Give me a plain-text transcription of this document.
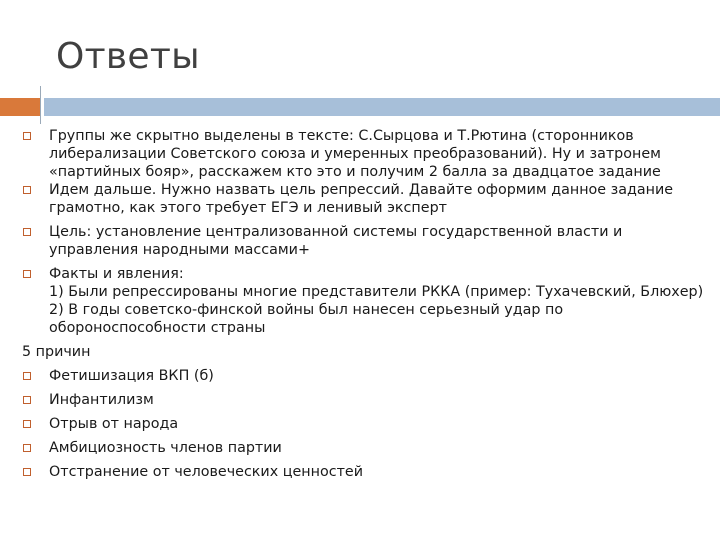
Ответы
Группы же скрытно выделены в тексте: С.Сырцова и Т.Рютина (сторонников
либерализации Советского союза и умеренных преобразований). Ну и затронем
«партийных бояр», расскажем кто это и получим 2 балла за двадцатое задание
Идем дальше. Нужно назвать цель репрессий. Давайте оформим данное задание
грамотно, как этого требует ЕГЭ и ленивый эксперт
Цель: установление централизованной системы государственной власти и
управления народными массами+
Факты и явления:
1) Были репрессированы многие представители РККА (пример: Тухачевский, Блюхер)
2) В годы советско-финской войны был нанесен серьезный удар по
обороноспособности страны
5 причин
Фетишизация ВКП (б)
Инфантилизм
Отрыв от народа
Амбициозность членов партии
Отстранение от человеческих ценностей
